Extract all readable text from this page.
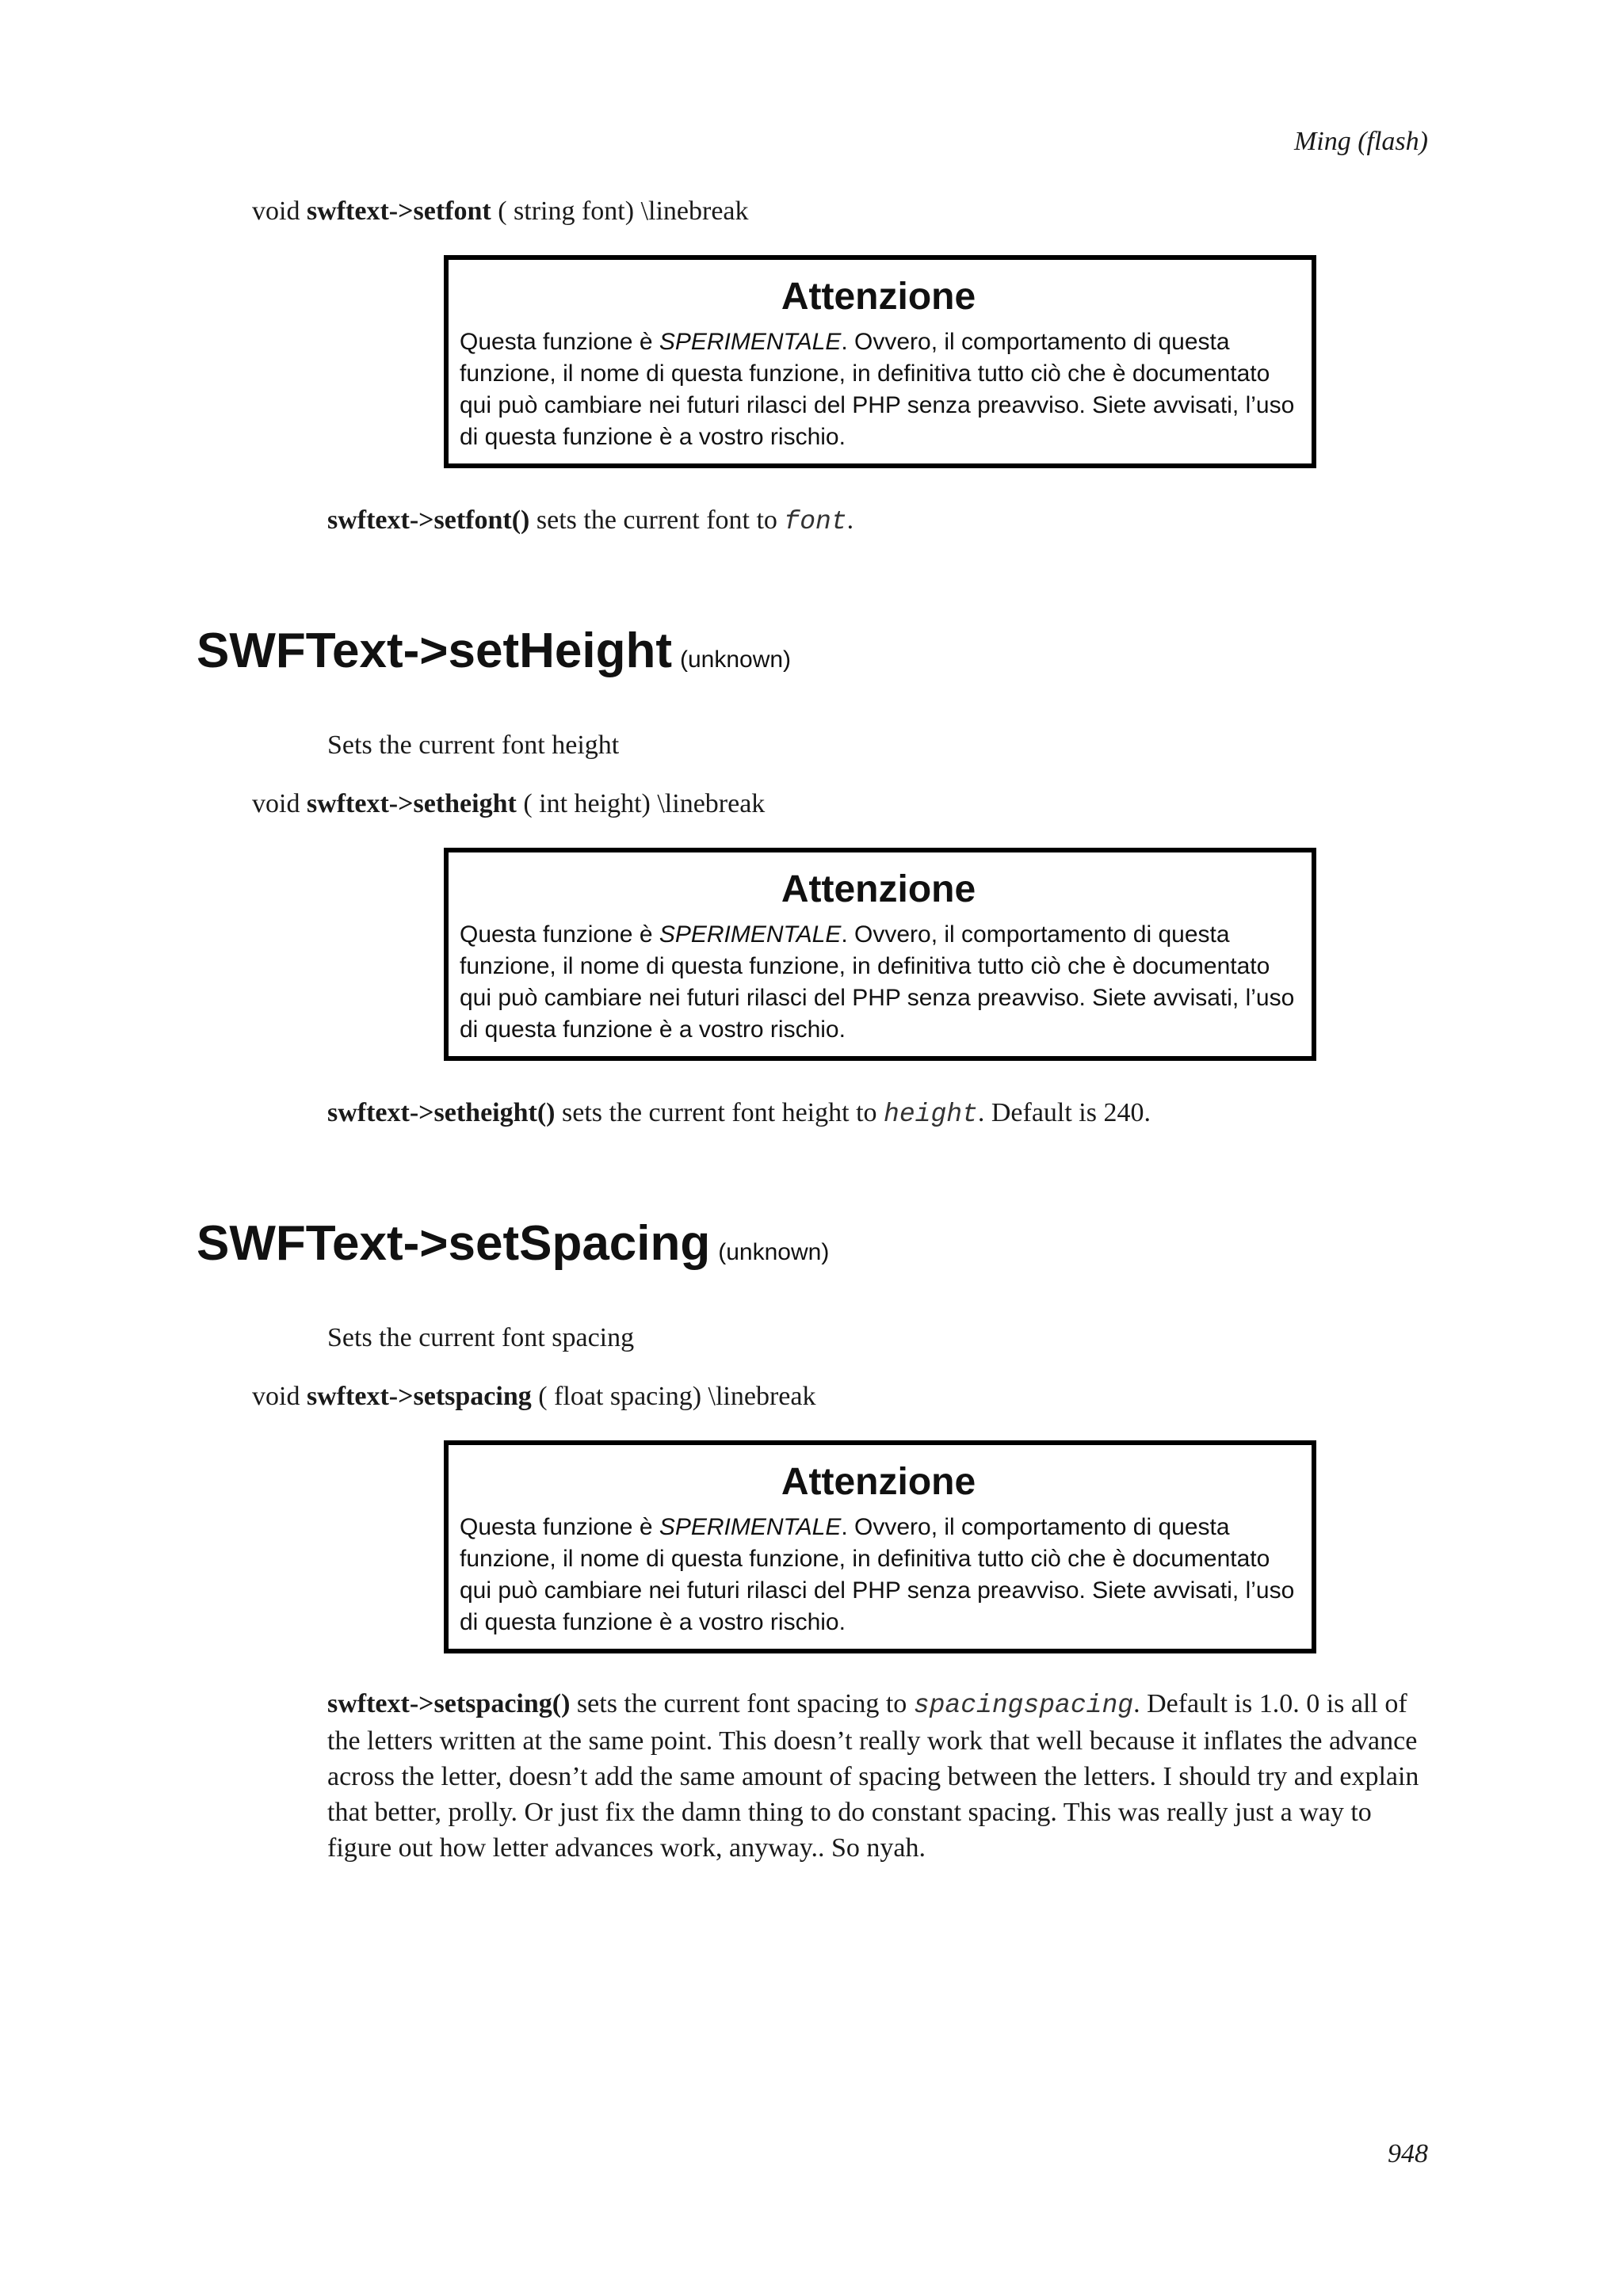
Ming (flash)
void swftext->setfont ( string font) \linebreak
Attenzione
Questa funzione è SPERIMENTALE. Ovvero, il comportamento di questa funzione, il nome di questa funzione, in definitiva tutto ciò che è documentato qui può cambiare nei futuri rilasci del PHP senza preavviso. Siete avvisati, l’uso di questa funzione è a vostro rischio.
swftext->setfont() sets the current font to font.
SWFText->setHeight (unknown)
Sets the current font height
void swftext->setheight ( int height) \linebreak
Attenzione
Questa funzione è SPERIMENTALE. Ovvero, il comportamento di questa funzione, il nome di questa funzione, in definitiva tutto ciò che è documentato qui può cambiare nei futuri rilasci del PHP senza preavviso. Siete avvisati, l’uso di questa funzione è a vostro rischio.
swftext->setheight() sets the current font height to height. Default is 240.
SWFText->setSpacing (unknown)
Sets the current font spacing
void swftext->setspacing ( float spacing) \linebreak
Attenzione
Questa funzione è SPERIMENTALE. Ovvero, il comportamento di questa funzione, il nome di questa funzione, in definitiva tutto ciò che è documentato qui può cambiare nei futuri rilasci del PHP senza preavviso. Siete avvisati, l’uso di questa funzione è a vostro rischio.
swftext->setspacing() sets the current font spacing to spacingspacing. Default is 1.0. 0 is all of the letters written at the same point. This doesn’t really work that well because it inflates the advance across the letter, doesn’t add the same amount of spacing between the letters. I should try and explain that better, prolly. Or just fix the damn thing to do constant spacing. This was really just a way to figure out how letter advances work, anyway.. So nyah.
948
